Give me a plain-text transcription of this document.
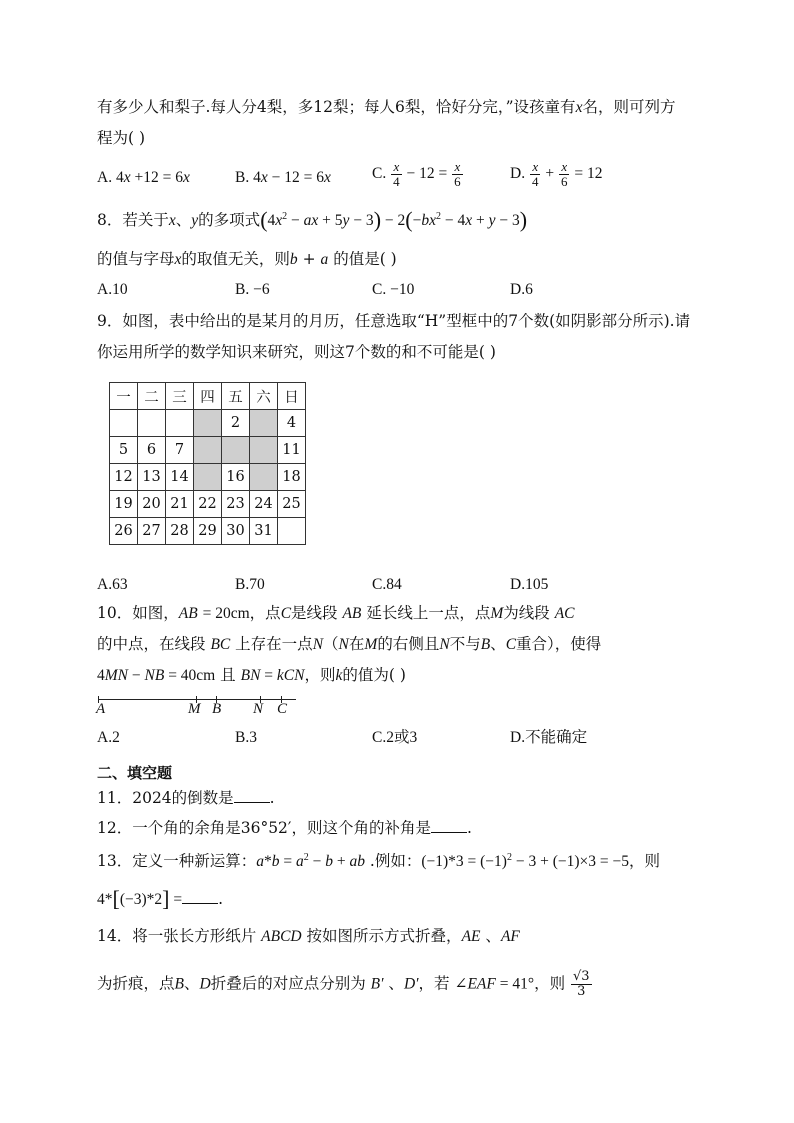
有多少人和梨子.每人分4梨，多12梨；每人6梨，恰好分完，”设孩童有x名，则可列方
程为( )
A. 4x +12 = 6x	B. 4x − 12 = 6x	C. $\frac{x}{4} - 12 = \frac{x}{6}$	D. $\frac{x}{4} + \frac{x}{6} = 12$
8．若关于x、y的多项式($4x^2$ − ax + $5y - 3) - 2(-bx^2 - 4x + y - 3)$
的值与字母x的取值无关，则b + a 的值是( )
A.10	B. −6	C. −10	D.6
9．如图，表中给出的是某月的月历，任意选取“H”型框中的7个数(如阴影部分所示).请
你运用所学的数学知识来研究，则这7个数的和不可能是( )
一	二	三	四	五	六	日
				2		4
5	6	7				11
12	13	14		16		18
19	20	21	22	23	24	25
26	27	28	29	30	31	
A.63	B.70	C.84	D.105
10．如图，AB = 20cm，点C是线段 AB 延长线上一点，点M为线段 AC
的中点，在线段 BC 上存在一点N（N在M的右侧且N不与B、C重合），使得
4MN − NB = 40cm 且 BN = kCN，则k的值为( )
A	M B N C
A.2	B.3	C.2或3	D.不能确定
二、填空题
11．2024的倒数是 .
12．一个角的余角是36°52′，则这个角的补角是 .
13．定义一种新运算：$a*b = a^2 - b$ + ab .例如：$(-1)*3 = (-1)^2 - 3 + (-1)\times 3 = -5$，则
4*[(−3)*2] = .
14．将一张长方形纸片 ABCD 按如图所示方式折叠，AE 、AF
为折痕，点B、D折叠后的对应点分别为 B′ 、D′，若 ∠EAF = 41°，则 $\frac{√3}{3}$
